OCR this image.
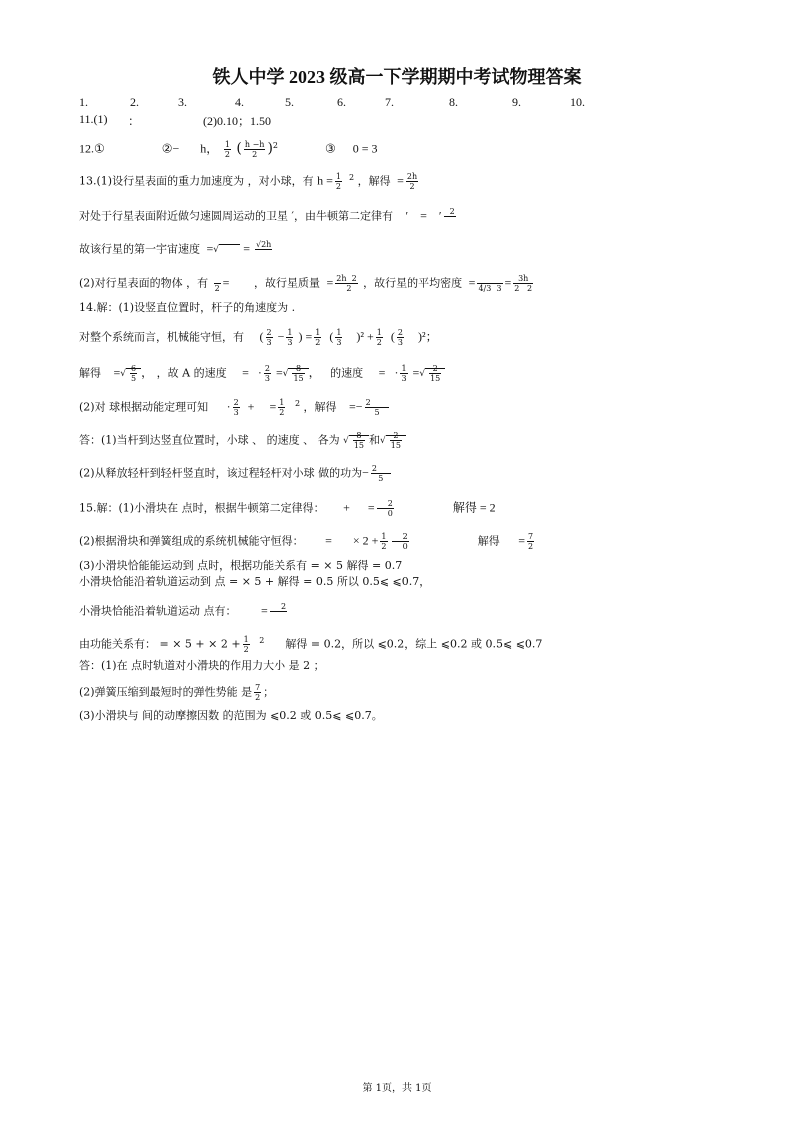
铁人中学 2023 级高一下学期期中考试物理答案
1.	2.	3.	4.	5.	6.	7.	8.	9.	10.
11.(1) ：	(2)0.10；1.50
12.①	②− h， $\frac{1}{2}$ ( $\frac{h -h}{2} )^2$	③ 0 = 3
13.(1)设行星表面的重力加速度为 ，对小球，有 $h = \frac{1}{2} ^2$ ，解得  = $\frac{2h}{2}$
对处于行星表面附近做匀速圆周运动的卫星 ′，由牛顿第二定律有    ′    =    ′ 2

故该行星的第一宇宙速度  =√       = √2h

(2)对行星表面的物体 ，有
2 =        ，故行星质量  = $\frac{2h 2}{2}$ ，故行星的平均密度  =
4/3  $3 = \frac{3h}{2 2}$
14.解：(1)设竖直位置时，杆子的角速度为 .
对整个系统而言，机械能守恒，有     ( $\frac{2}{3} - \frac{1}{3}$ ) = $\frac{1}{2}$ ( $\frac{1}{3} )^2 + \frac{1}{2}$ ( $\frac{2}{3} )^2$；
解得    =√ $\frac{6}{5}$ ， ，故 A 的速度     =   · $\frac{2}{3}$ =√ $\frac{8}{15}$ ，   的速度     =   · $\frac{1}{3}$ =√ $\frac{2}{15}$
(2)对 球根据动能定理可知      · $\frac{2}{3}$ +     = $\frac{1}{2} ^2$ ，解得    =− $\frac{2}{5}$
答：(1)当杆到达竖直位置时，小球 、 的速度 、 各为 √ $\frac{8}{15}$ 和√ $\frac{2}{15}$
(2)从释放轻杆到轻杆竖直时，该过程轻杆对小球 做的功为− $\frac{2}{5}$
15.解：(1)小滑块在 点时，根据牛顿第二定律得：      +      = $\frac{2}{0}$	解得 = 2
(2)根据滑块和弹簧组成的系统机械能守恒得：       =       × $2 + \frac{1}{2} \frac{2}{0}$	解得      = $\frac{7}{2}$
(3)小滑块恰能能运动到 点时，根据功能关系有 = × 5 解得 = 0.7
小滑块恰能沿着轨道运动到 点 = × 5 + 解得 = 0.5 所以 0.5⩽ ⩽0.7，
小滑块恰能沿着轨道运动 点有：        = 2

由功能关系有： = × 5 + × $2 + \frac{1}{2} ^2$ 解得 = 0.2，所以 ⩽0.2，综上 ⩽0.2 或 0.5⩽ ⩽0.7
答：(1)在 点时轨道对小滑块的作用力大小 是 2 ；
(2)弹簧压缩到最短时的弹性势能 是 $\frac{7}{2}$ ；
(3)小滑块与 间的动摩擦因数 的范围为 ⩽0.2 或 0.5⩽ ⩽0.7。
第 1页，共 1页
